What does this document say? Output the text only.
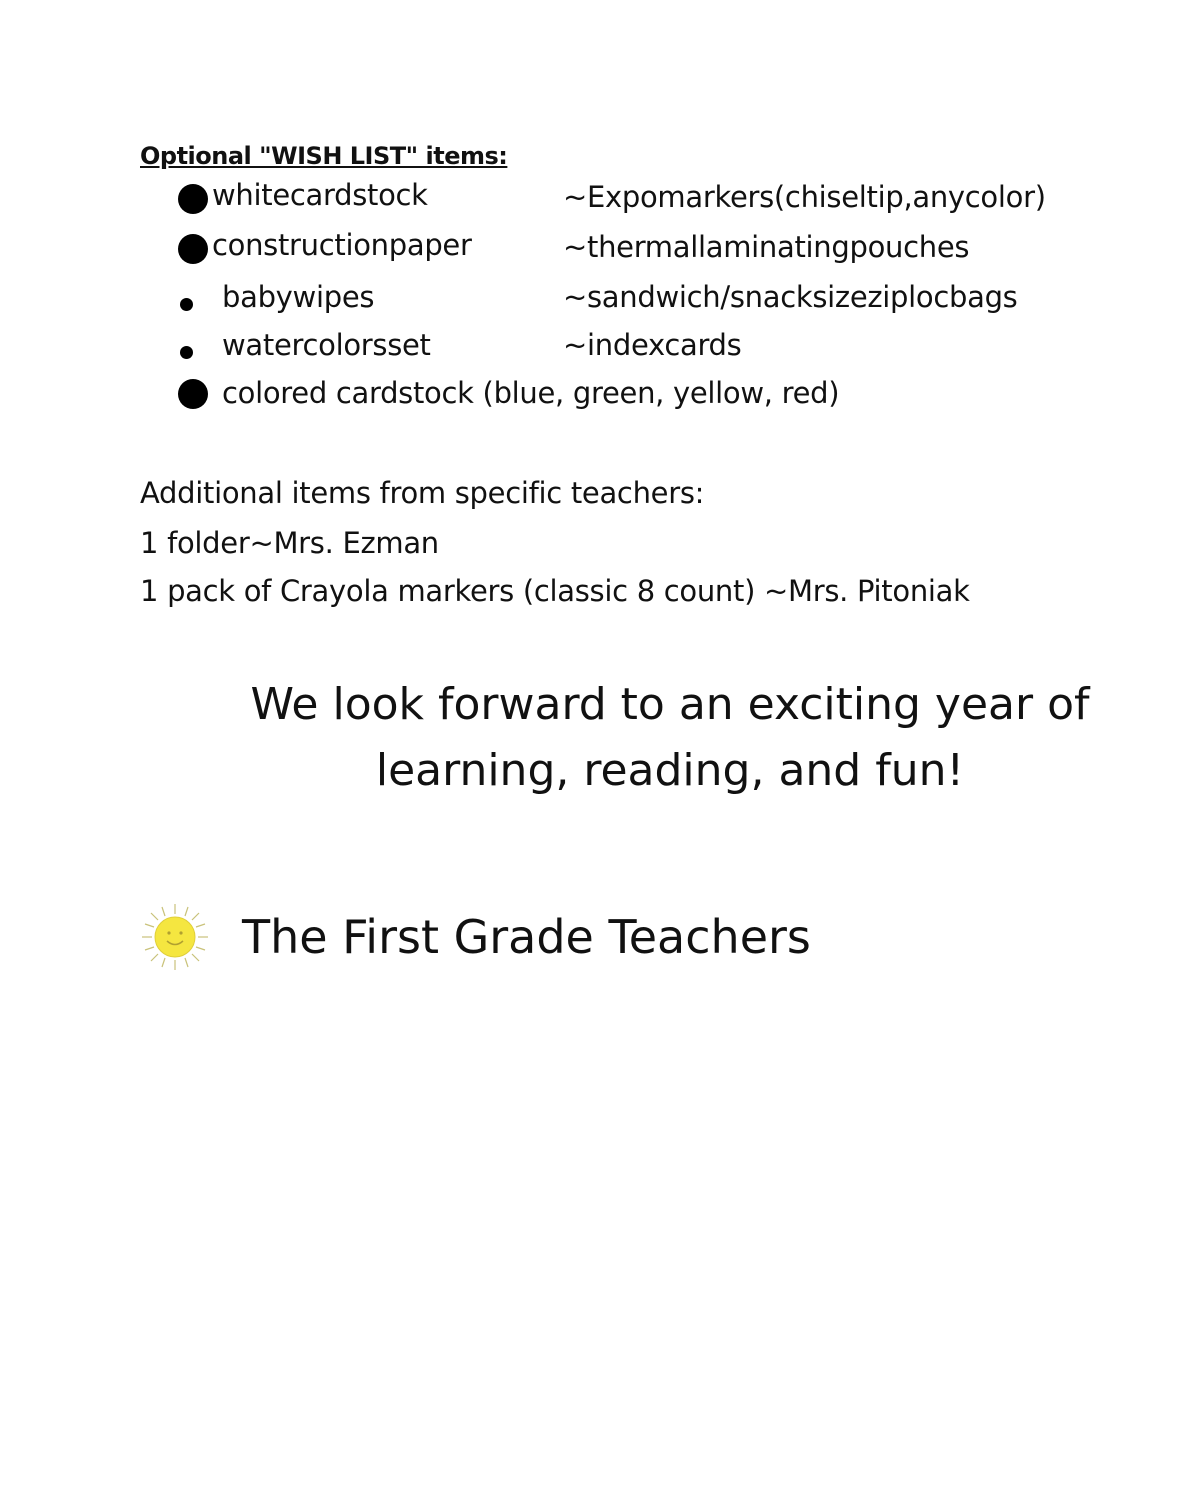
Optional "WISH LIST" items:
whitecardstock	~Expomarkers(chiseltip,anycolor)
constructionpaper	~thermallaminatingpouches
babywipes	~sandwich/snacksizeziplocbags
watercolorsset	~indexcards
colored cardstock (blue, green, yellow, red)
Additional items from specific teachers:
1 folder~Mrs. Ezman
1 pack of Crayola markers (classic 8 count) ~Mrs. Pitoniak
We look forward to an exciting year of
learning, reading, and fun!
The First Grade Teachers
